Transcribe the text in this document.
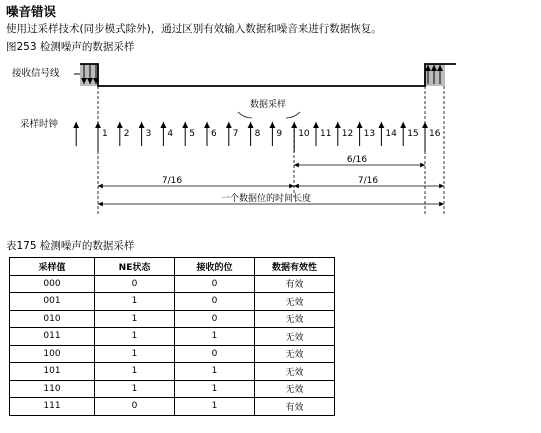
噪音错误
使用过采样技术(同步模式除外)，通过区别有效输入数据和噪音来进行数据恢复。
图253 检测噪声的数据采样
接收信号线
数据采样
采样时钟
1 2 3 4 5 6 7 8 9 10 11 12 13 14 15 16
6/16
7/16	7/16
一个数据位的时间长度
表175 检测噪声的数据采样
采样值	NE状态	接收的位	数据有效性
000	0	0	有效
001	1	0	无效
010	1	0	无效
011	1	1	无效
100	1	0	无效
101	1	1	无效
110	1	1	无效
111	0	1	有效
